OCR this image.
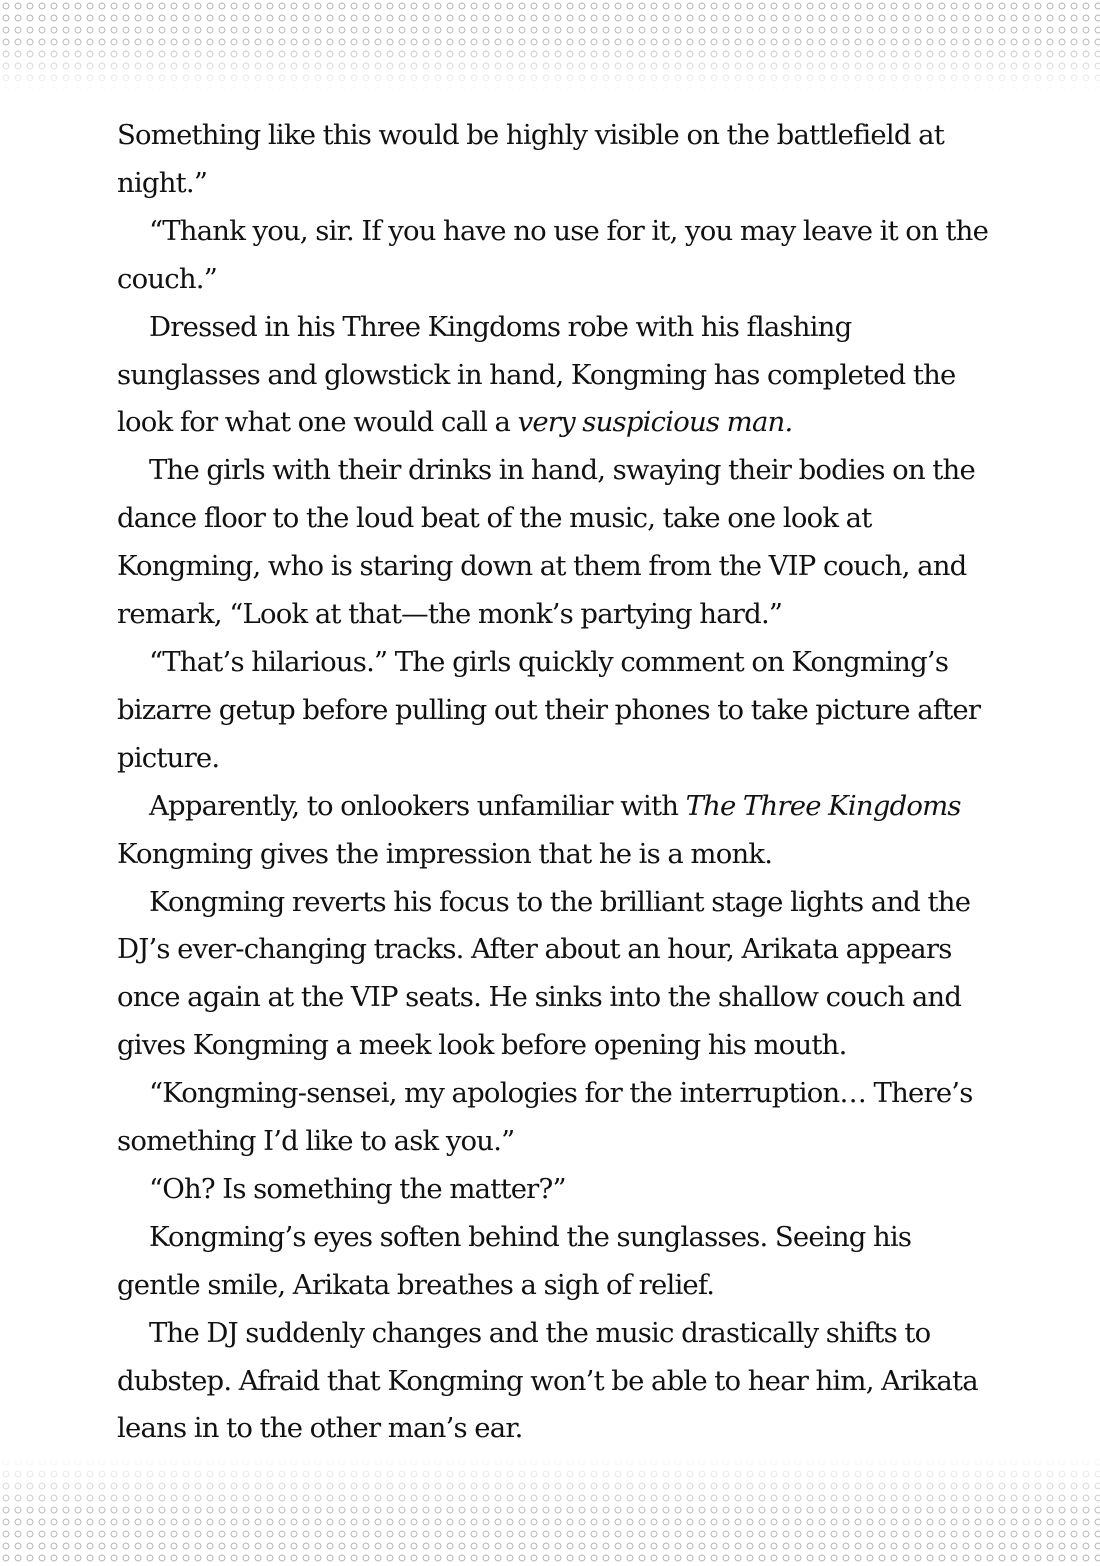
Something like this would be highly visible on the battlefield at night.”

“Thank you, sir. If you have no use for it, you may leave it on the couch.”

Dressed in his Three Kingdoms robe with his flashing sunglasses and glowstick in hand, Kongming has completed the look for what one would call a very suspicious man.

The girls with their drinks in hand, swaying their bodies on the dance floor to the loud beat of the music, take one look at Kongming, who is staring down at them from the VIP couch, and remark, “Look at that—the monk’s partying hard.”

“That’s hilarious.” The girls quickly comment on Kongming’s bizarre getup before pulling out their phones to take picture after picture.

Apparently, to onlookers unfamiliar with The Three Kingdoms Kongming gives the impression that he is a monk.

Kongming reverts his focus to the brilliant stage lights and the DJ’s ever-changing tracks. After about an hour, Arikata appears once again at the VIP seats. He sinks into the shallow couch and gives Kongming a meek look before opening his mouth.

“Kongming-sensei, my apologies for the interruption… There’s something I’d like to ask you.”

“Oh? Is something the matter?”

Kongming’s eyes soften behind the sunglasses. Seeing his gentle smile, Arikata breathes a sigh of relief.

The DJ suddenly changes and the music drastically shifts to dubstep. Afraid that Kongming won’t be able to hear him, Arikata leans in to the other man’s ear.
